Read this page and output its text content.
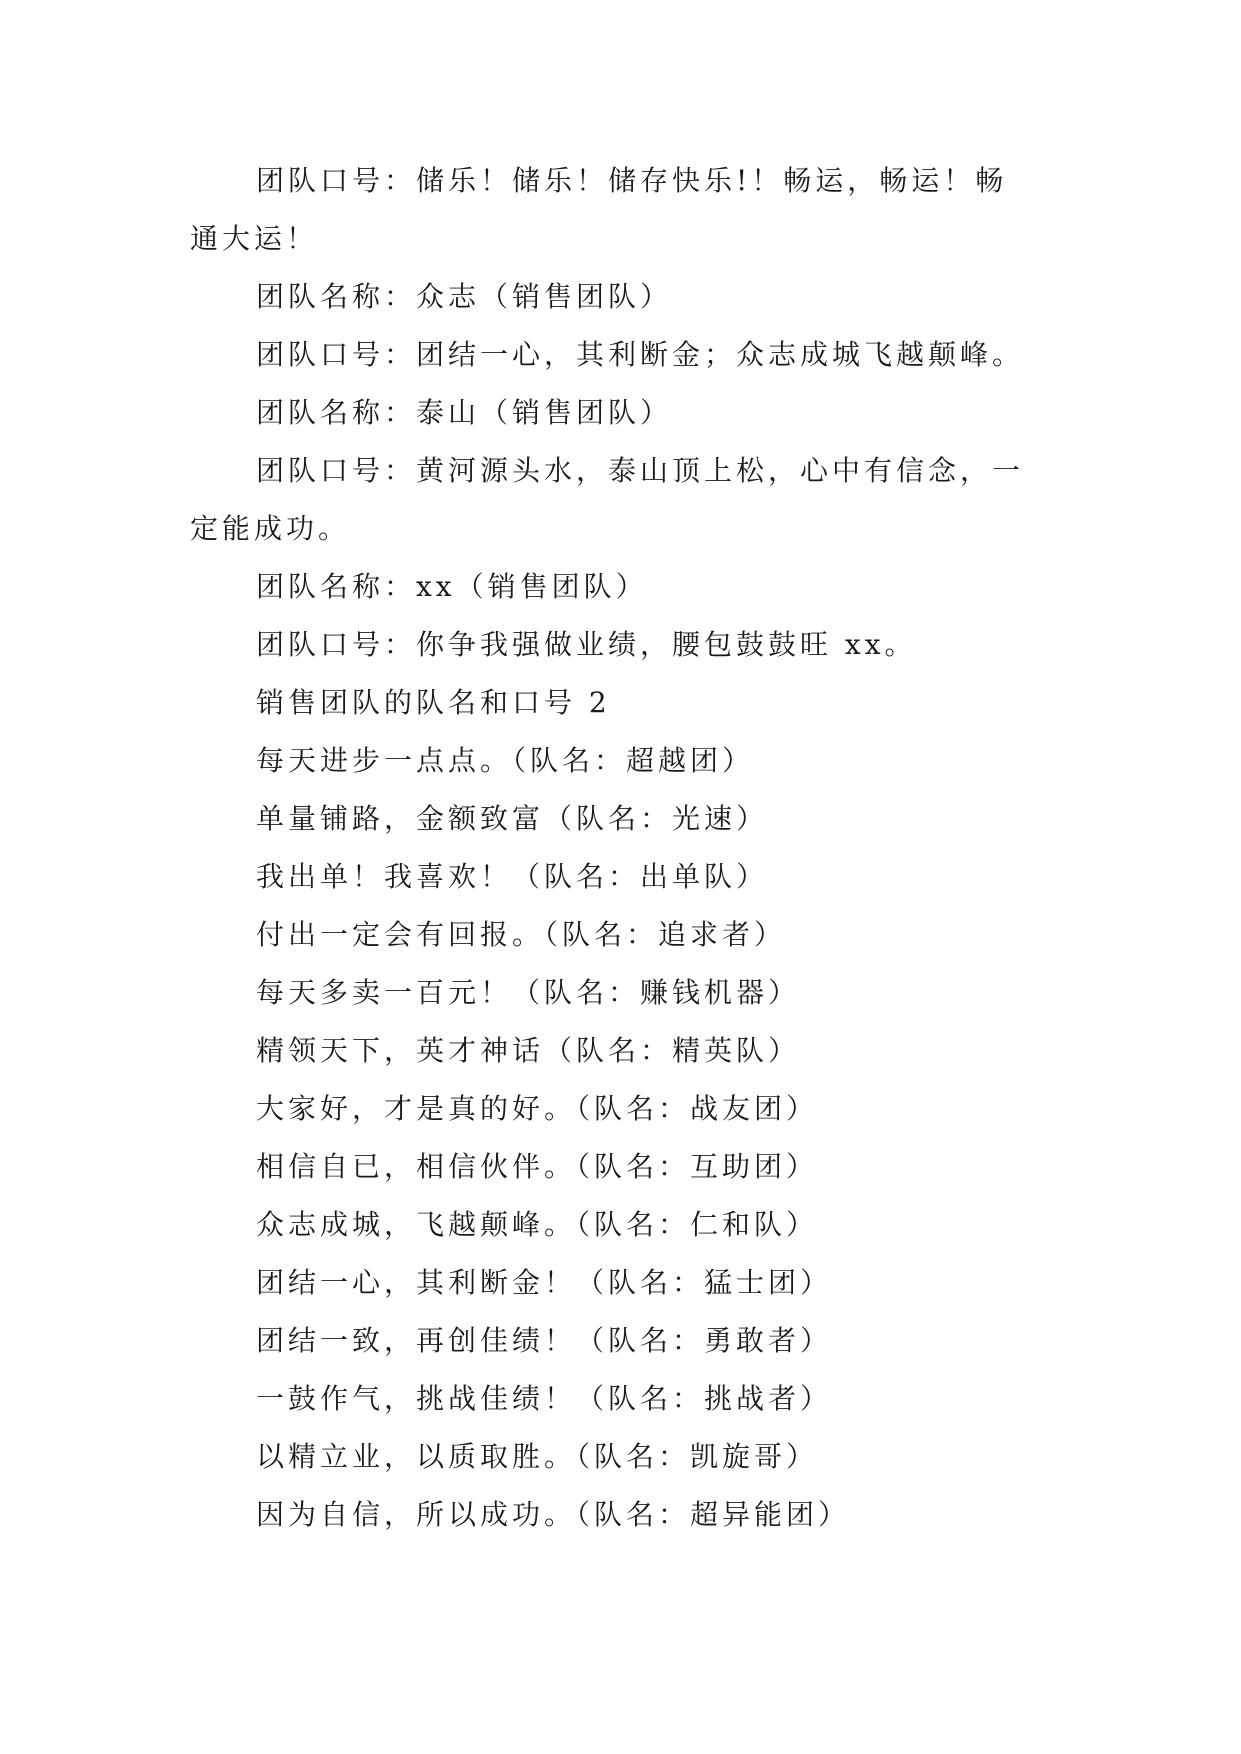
团队口号：储乐！储乐！储存快乐!！畅运，畅运！畅

通大运！

团队名称：众志（销售团队）

团队口号：团结一心，其利断金；众志成城飞越颠峰。

团队名称：泰山（销售团队）

团队口号：黄河源头水，泰山顶上松，心中有信念，一

定能成功。

团队名称：xx（销售团队）

团队口号：你争我强做业绩，腰包鼓鼓旺 xx。

销售团队的队名和口号 2

每天进步一点点。（队名：超越团）

单量铺路，金额致富（队名：光速）

我出单！我喜欢！（队名：出单队）

付出一定会有回报。（队名：追求者）

每天多卖一百元！（队名：赚钱机器）

精领天下，英才神话（队名：精英队）

大家好，才是真的好。（队名：战友团）

相信自已，相信伙伴。（队名：互助团）

众志成城，飞越颠峰。（队名：仁和队）

团结一心，其利断金！（队名：猛士团）

团结一致，再创佳绩！（队名：勇敢者）

一鼓作气，挑战佳绩！（队名：挑战者）

以精立业，以质取胜。（队名：凯旋哥）

因为自信，所以成功。（队名：超异能团）
